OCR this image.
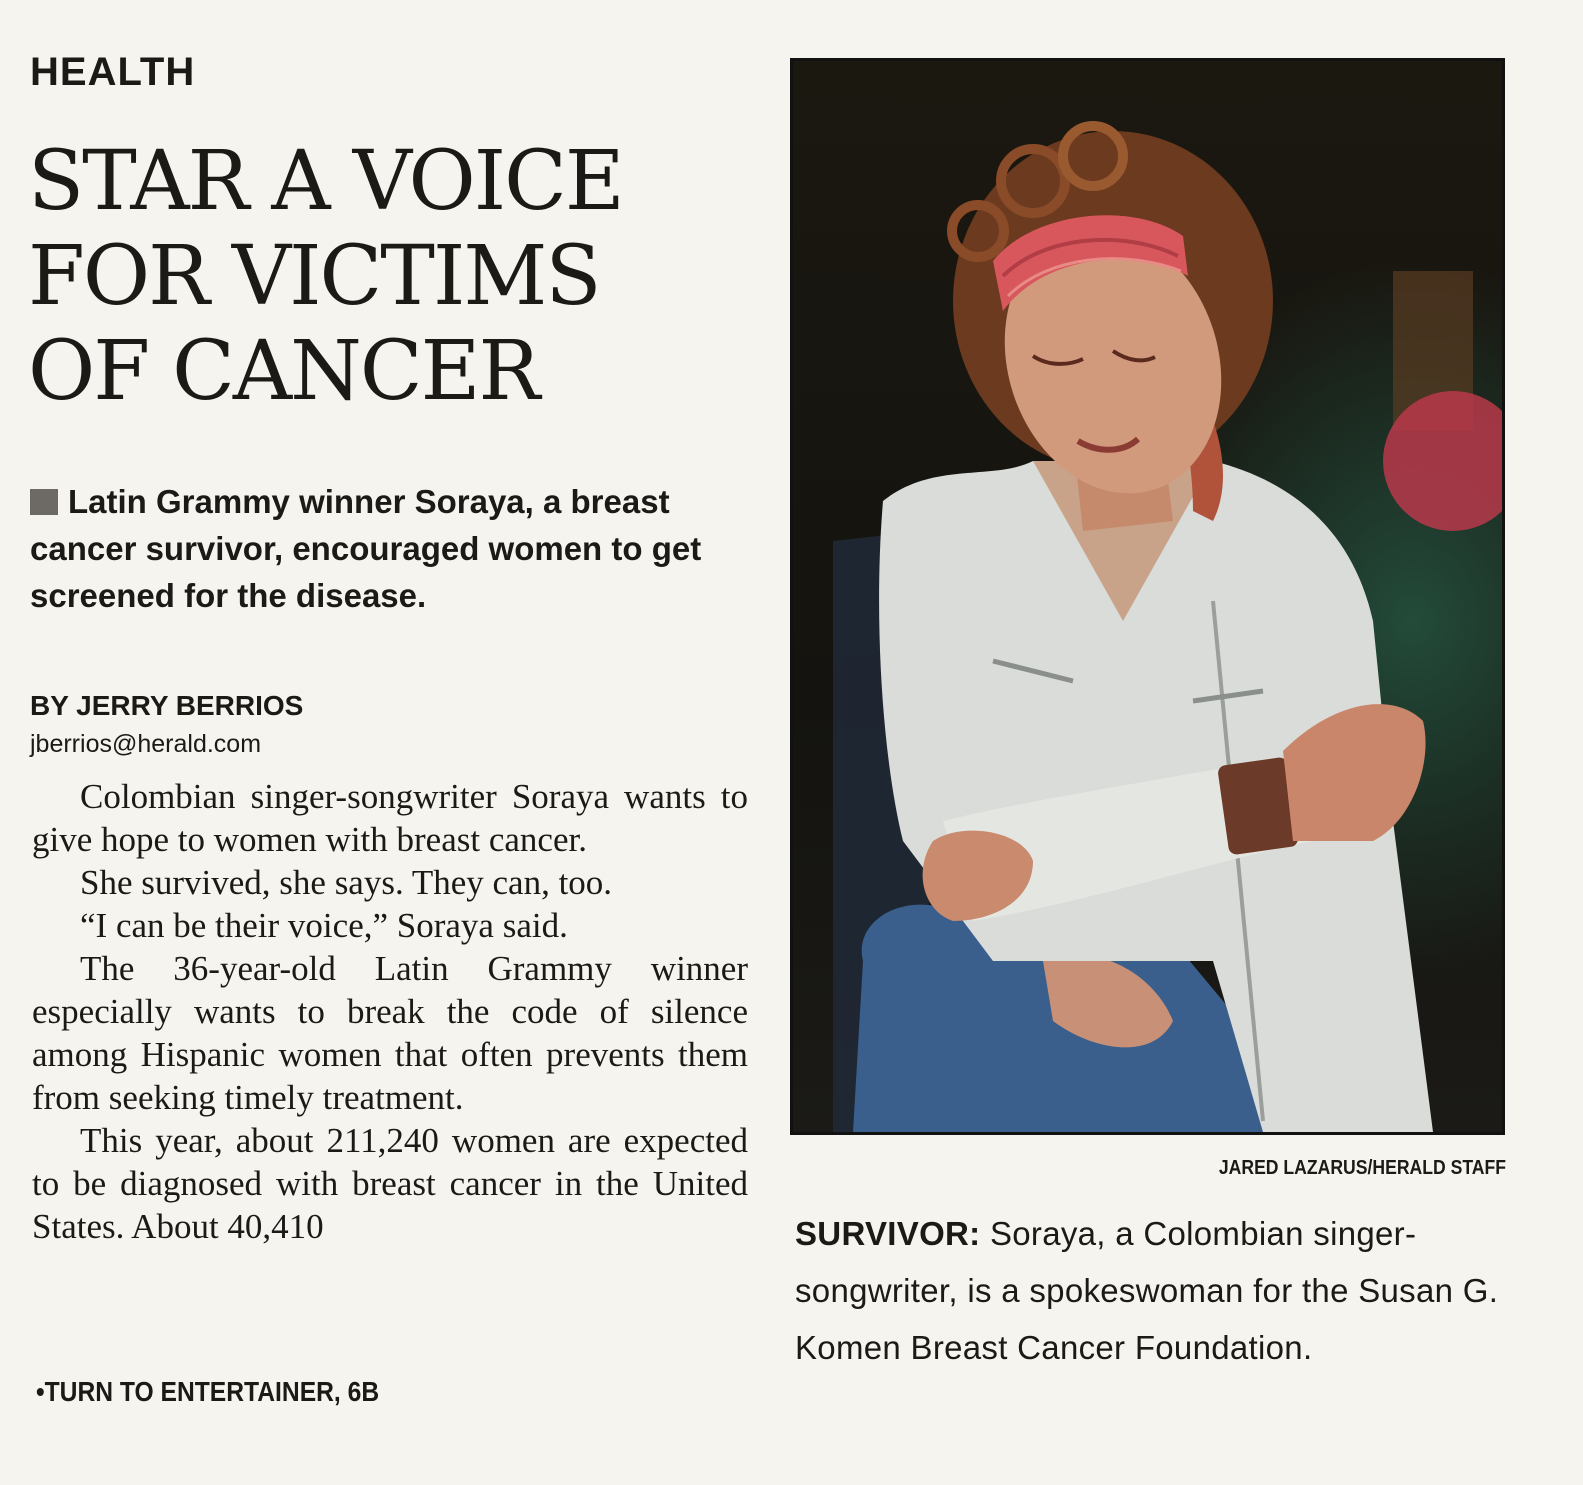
HEALTH
STAR A VOICE
FOR VICTIMS
OF CANCER
Latin Grammy winner Soraya, a breast cancer survivor, encouraged women to get screened for the disease.
BY JERRY BERRIOS
jberrios@herald.com

Colombian singer-songwriter Soraya wants to give hope to women with breast cancer.

She survived, she says. They can, too.

“I can be their voice,” Soraya said.

The 36-year-old Latin Grammy winner especially wants to break the code of silence among Hispanic women that often prevents them from seeking timely treatment.

This year, about 211,240 women are expected to be diagnosed with breast cancer in the United States. About 40,410

•TURN TO ENTERTAINER, 6B
JARED LAZARUS/HERALD STAFF
SURVIVOR: Soraya, a Colombian singer-songwriter, is a spokeswoman for the Susan G. Komen Breast Cancer Foundation.
